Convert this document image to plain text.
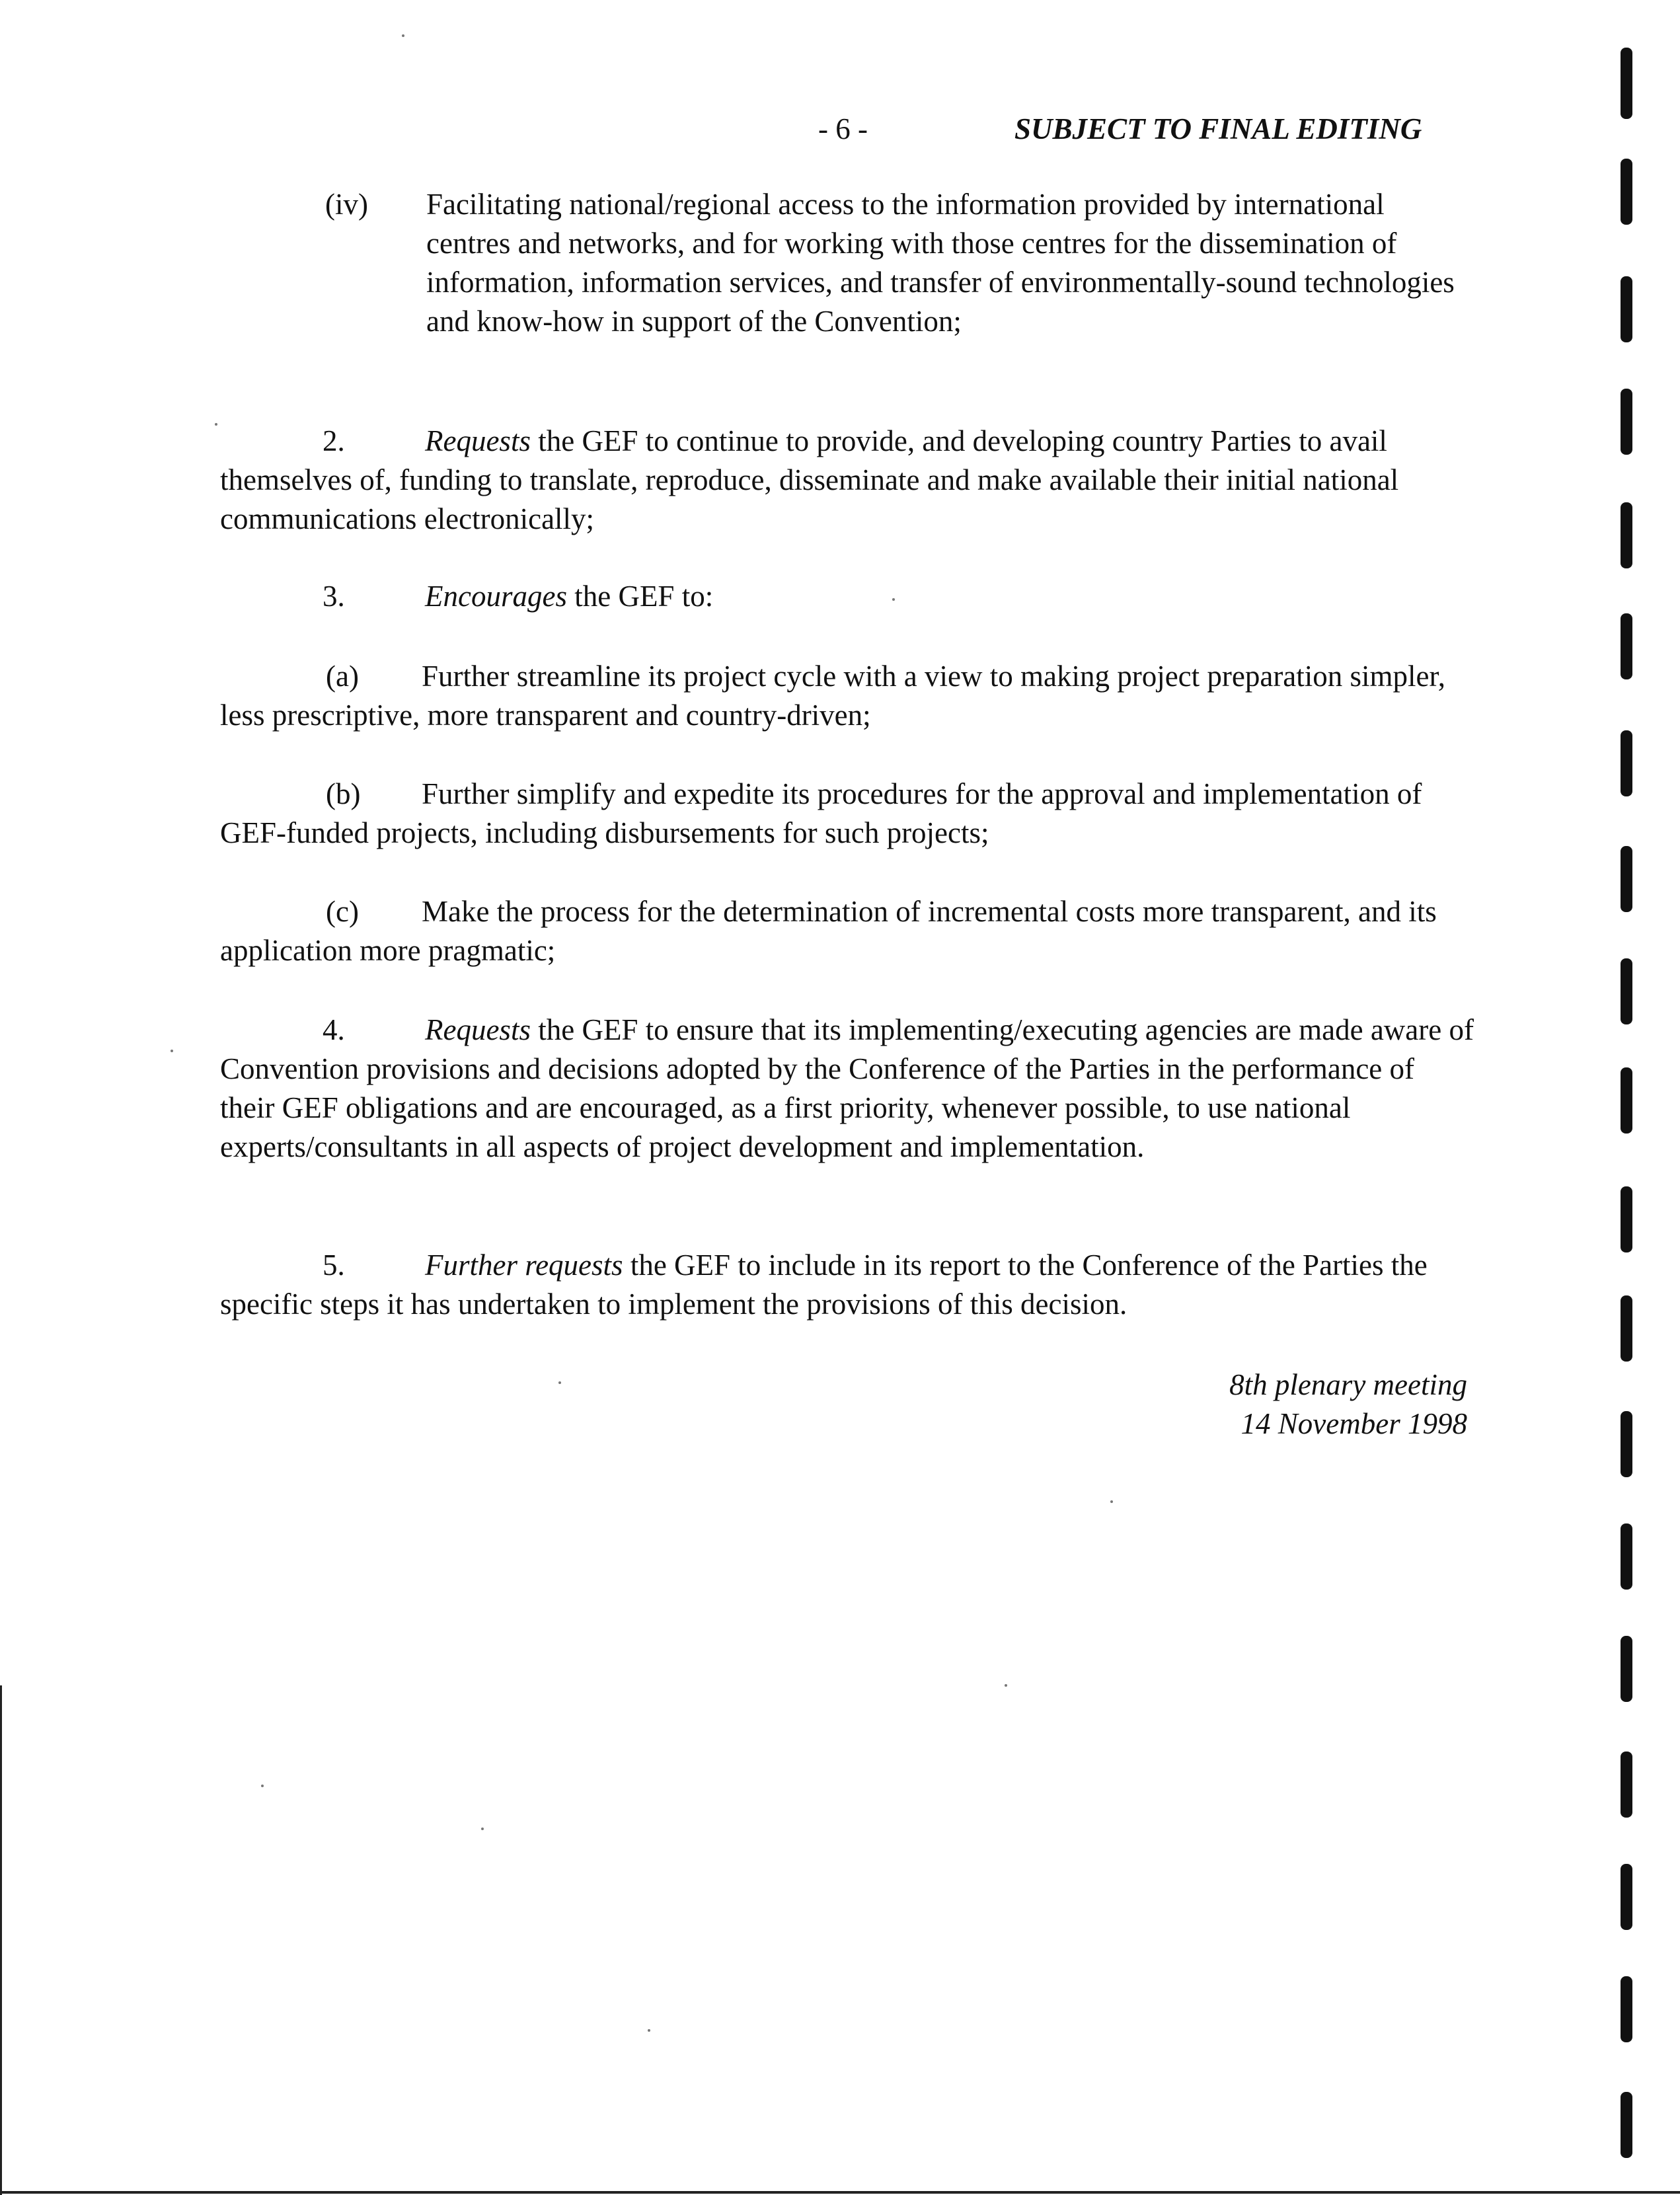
- 6 -	SUBJECT TO FINAL EDITING
(iv) Facilitating national/regional access to the information provided by international centres and networks, and for working with those centres for the dissemination of information, information services, and transfer of environmentally-sound technologies and know-how in support of the Convention;
2.	Requests the GEF to continue to provide, and developing country Parties to avail themselves of, funding to translate, reproduce, disseminate and make available their initial national communications electronically;
3.	Encourages the GEF to:
(a) Further streamline its project cycle with a view to making project preparation simpler, less prescriptive, more transparent and country-driven;
(b) Further simplify and expedite its procedures for the approval and implementation of GEF-funded projects, including disbursements for such projects;
(c) Make the process for the determination of incremental costs more transparent, and its application more pragmatic;
4.	Requests the GEF to ensure that its implementing/executing agencies are made aware of Convention provisions and decisions adopted by the Conference of the Parties in the performance of their GEF obligations and are encouraged, as a first priority, whenever possible, to use national experts/consultants in all aspects of project development and implementation.
5.	Further requests the GEF to include in its report to the Conference of the Parties the specific steps it has undertaken to implement the provisions of this decision.
8th plenary meeting
14 November 1998
